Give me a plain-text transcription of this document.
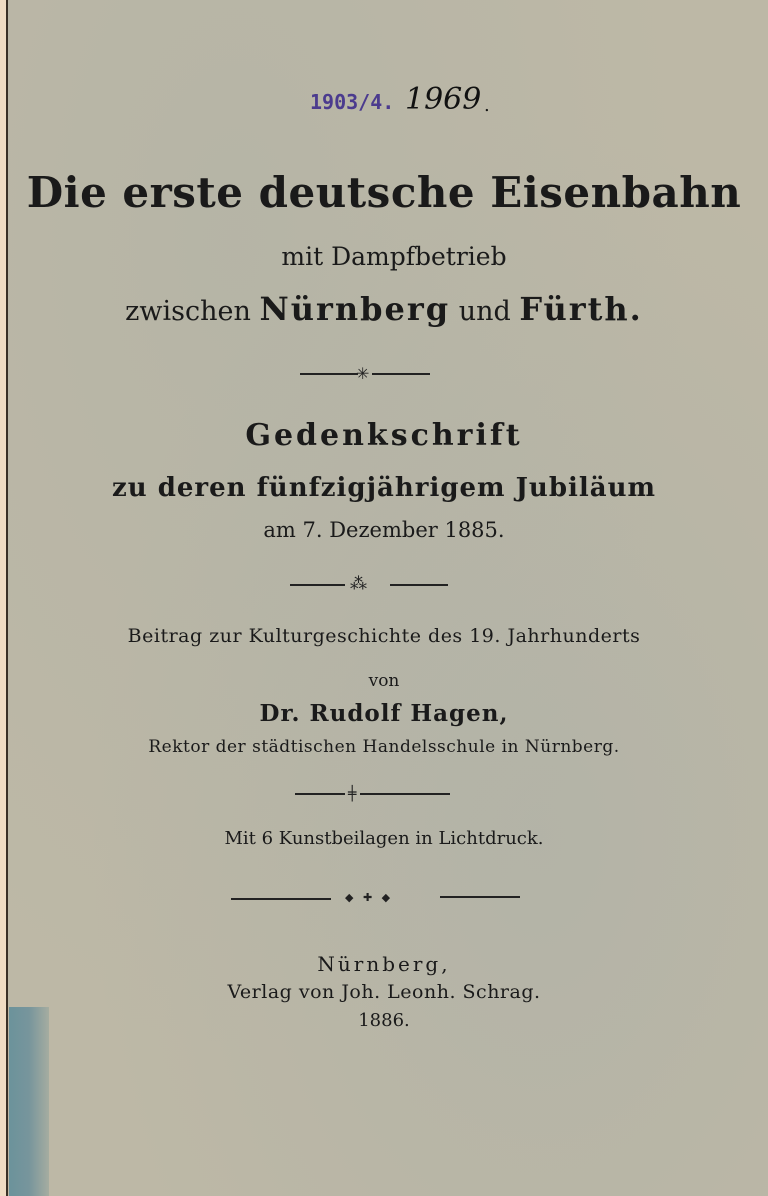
1903/4. 1969 .
Die erste deutsche Eisenbahn
mit Dampfbetrieb
zwischen Nürnberg und Fürth.
✳
Gedenkschrift
zu deren fünfzigjährigem Jubiläum
am 7. Dezember 1885.
⁂
Beitrag zur Kulturgeschichte des 19. Jahrhunderts
von
Dr. Rudolf Hagen,
Rektor der städtischen Handelsschule in Nürnberg.
╪
Mit 6 Kunstbeilagen in Lichtdruck.
◆ ✚ ◆
Nürnberg,
Verlag von Joh. Leonh. Schrag.
1886.
